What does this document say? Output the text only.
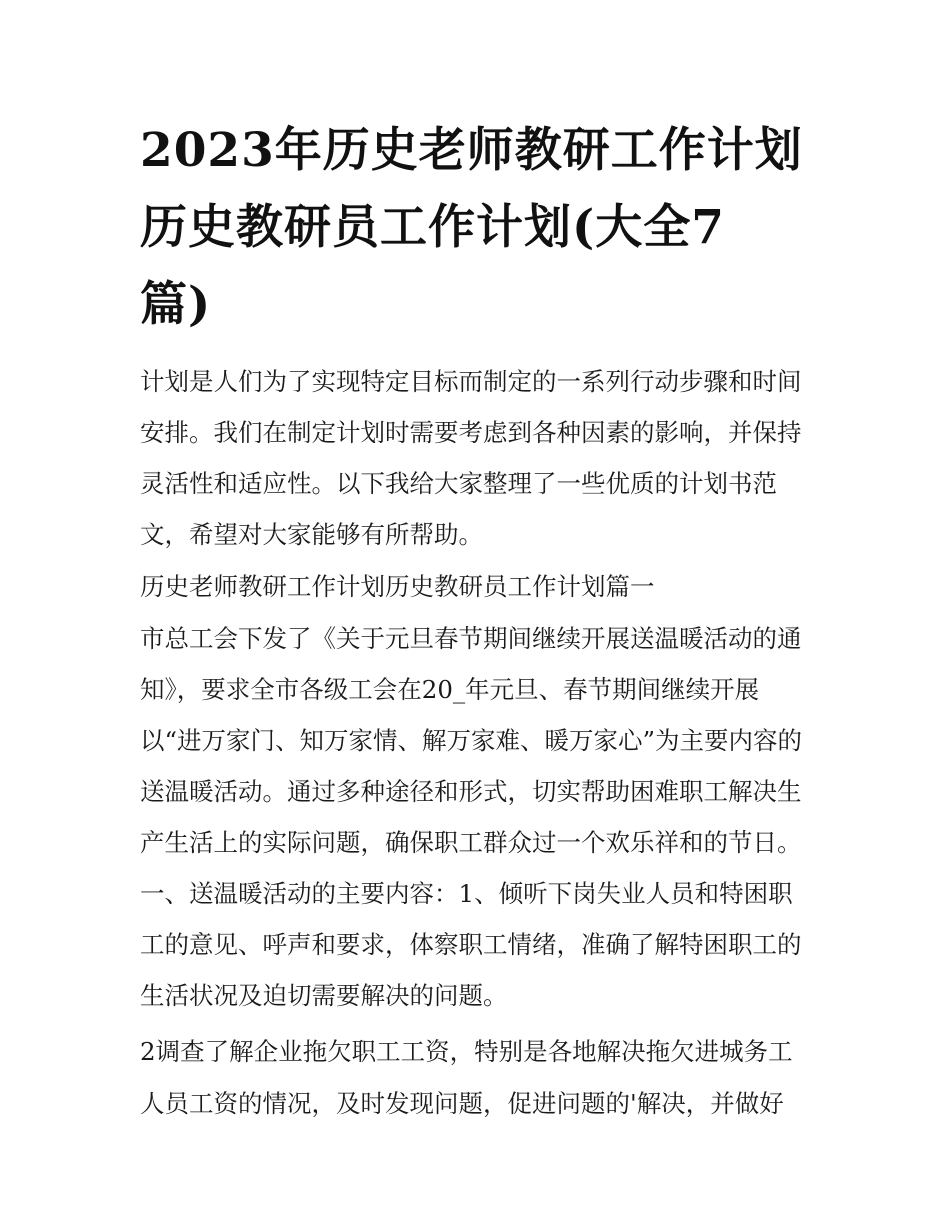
2023年历史老师教研工作计划
历史教研员工作计划(大全7
篇)
计划是人们为了实现特定目标而制定的一系列行动步骤和时间
安排。我们在制定计划时需要考虑到各种因素的影响，并保持
灵活性和适应性。以下我给大家整理了一些优质的计划书范
文，希望对大家能够有所帮助。
历史老师教研工作计划历史教研员工作计划篇一
市总工会下发了《关于元旦春节期间继续开展送温暖活动的通
知》，要求全市各级工会在20_年元旦、春节期间继续开展
以“进万家门、知万家情、解万家难、暖万家心”为主要内容的
送温暖活动。通过多种途径和形式，切实帮助困难职工解决生
产生活上的实际问题，确保职工群众过一个欢乐祥和的节日。
一、送温暖活动的主要内容：1、倾听下岗失业人员和特困职
工的意见、呼声和要求，体察职工情绪，准确了解特困职工的
生活状况及迫切需要解决的问题。
2调查了解企业拖欠职工工资，特别是各地解决拖欠进城务工
人员工资的情况，及时发现问题，促进问题的'解决，并做好
